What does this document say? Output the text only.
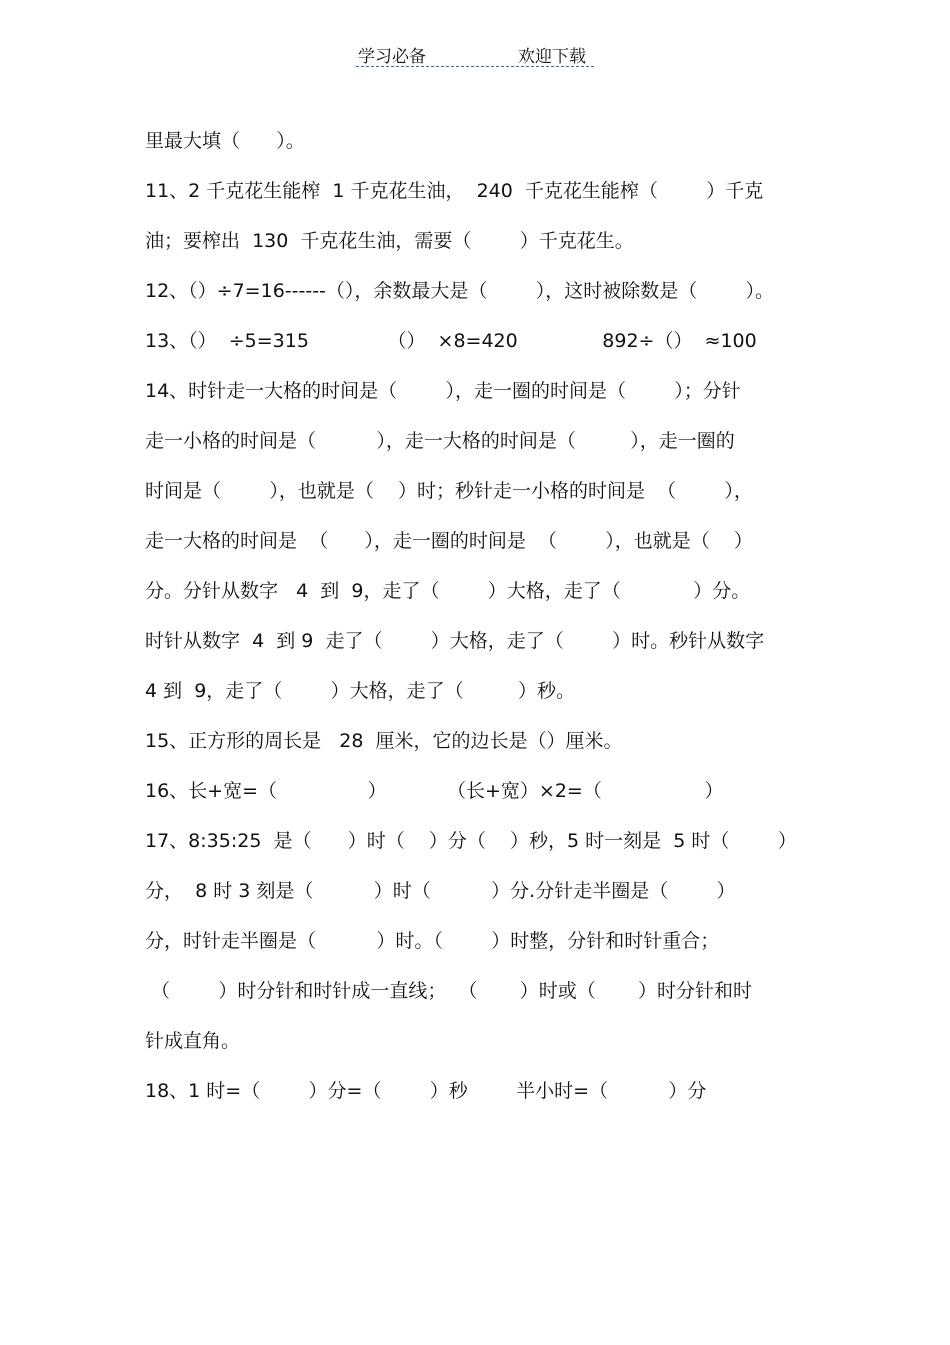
学习必备	欢迎下载
里最大填（      ）。
11、2 千克花生能榨  1 千克花生油，  240  千克花生能榨（        ）千克
油；要榨出  130  千克花生油，需要（        ）千克花生。
12、（）÷7=16------（），余数最大是（        ），这时被除数是（        ）。
13、（）  ÷5=315             （）  ×8=420              892÷（）  ≈100
14、时针走一大格的时间是（        ），走一圈的时间是（        ）；分针
走一小格的时间是（          ），走一大格的时间是（         ），走一圈的
时间是（        ），也就是（    ）时；秒针走一小格的时间是  （        ），
走一大格的时间是  （      ），走一圈的时间是  （        ），也就是（    ）
分。分针从数字   4  到  9，走了（        ）大格，走了（            ）分。
时针从数字  4  到 9  走了（        ）大格，走了（        ）时。秒针从数字
4 到  9，走了（        ）大格，走了（         ）秒。
15、正方形的周长是   28  厘米，它的边长是（）厘米。
16、长+宽=（               ）          （长+宽）×2=（                 ）
17、8:35:25  是（      ）时（    ）分（    ）秒，5 时一刻是  5 时（        ）
分，  8 时 3 刻是（          ）时（          ）分.分针走半圈是（        ）
分，时针走半圈是（          ）时。（        ）时整，分针和时针重合；
（        ）时分针和时针成一直线；  （       ）时或（       ）时分针和时
针成直角。
18、1 时=（        ）分=（        ）秒        半小时=（          ）分
